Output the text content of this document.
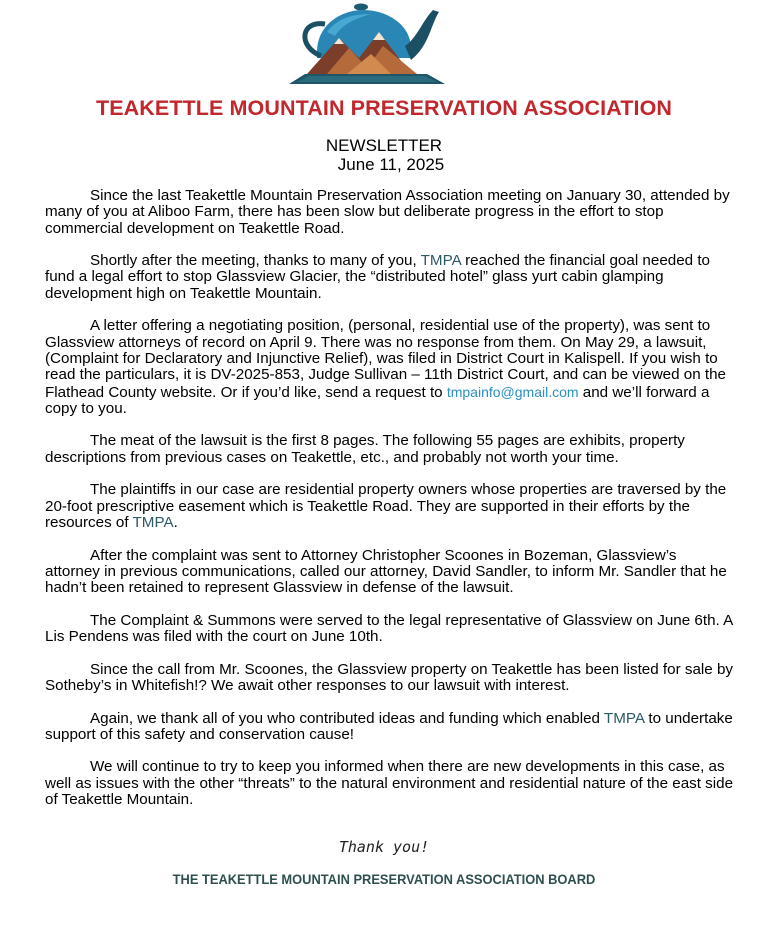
TEAKETTLE MOUNTAIN PRESERVATION ASSOCIATION
NEWSLETTER
June 11, 2025

Since the last Teakettle Mountain Preservation Association meeting on January 30, attended by many of you at Aliboo Farm, there has been slow but deliberate progress in the effort to stop commercial development on Teakettle Road.

Shortly after the meeting, thanks to many of you, TMPA reached the financial goal needed to fund a legal effort to stop Glassview Glacier, the “distributed hotel” glass yurt cabin glamping development high on Teakettle Mountain.

A letter offering a negotiating position, (personal, residential use of the property), was sent to Glassview attorneys of record on April 9. There was no response from them. On May 29, a lawsuit, (Complaint for Declaratory and Injunctive Relief), was filed in District Court in Kalispell. If you wish to read the particulars, it is DV-2025-853, Judge Sullivan – 11th District Court, and can be viewed on the Flathead County website. Or if you’d like, send a request to tmpainfo@gmail.com and we’ll forward a copy to you.

The meat of the lawsuit is the first 8 pages. The following 55 pages are exhibits, property descriptions from previous cases on Teakettle, etc., and probably not worth your time.

The plaintiffs in our case are residential property owners whose properties are traversed by the 20-foot prescriptive easement which is Teakettle Road. They are supported in their efforts by the resources of TMPA.

After the complaint was sent to Attorney Christopher Scoones in Bozeman, Glassview’s attorney in previous communications, called our attorney, David Sandler, to inform Mr. Sandler that he hadn’t been retained to represent Glassview in defense of the lawsuit.

The Complaint & Summons were served to the legal representative of Glassview on June 6th. A Lis Pendens was filed with the court on June 10th.

Since the call from Mr. Scoones, the Glassview property on Teakettle has been listed for sale by Sotheby’s in Whitefish!? We await other responses to our lawsuit with interest.

Again, we thank all of you who contributed ideas and funding which enabled TMPA to undertake support of this safety and conservation cause!

We will continue to try to keep you informed when there are new developments in this case, as well as issues with the other “threats” to the natural environment and residential nature of the east side of Teakettle Mountain.

Thank you!
THE TEAKETTLE MOUNTAIN PRESERVATION ASSOCIATION BOARD
